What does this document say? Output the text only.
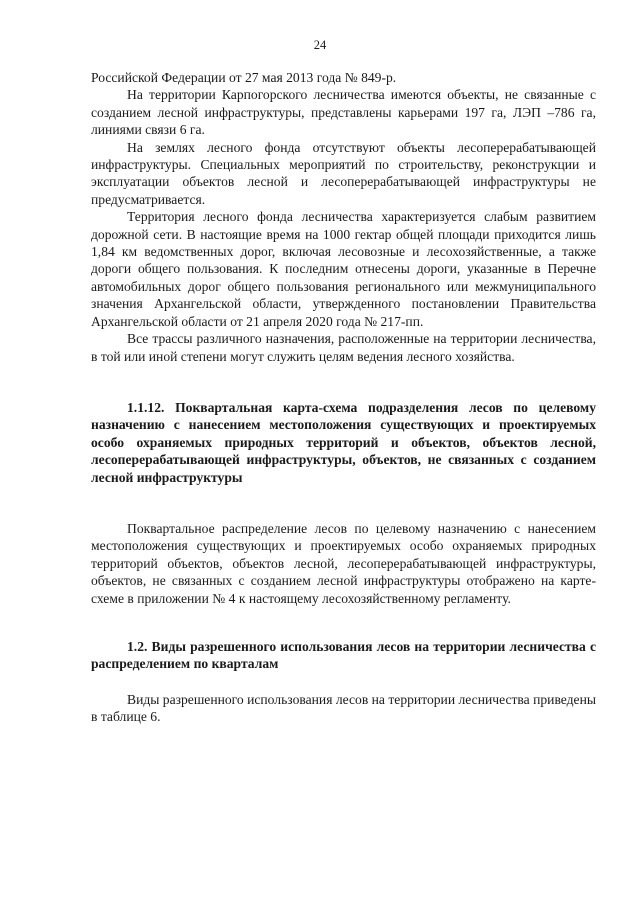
24

Российской Федерации от 27 мая 2013 года № 849-р.

На территории Карпогорского лесничества имеются объекты, не связанные с созданием лесной инфраструктуры, представлены карьерами 197 га, ЛЭП –786 га, линиями связи 6 га.

На землях лесного фонда отсутствуют объекты лесоперерабатывающей инфраструктуры. Специальных мероприятий по строительству, реконструкции и эксплуатации объектов лесной и лесоперерабатывающей инфраструктуры не предусматривается.

Территория лесного фонда лесничества характеризуется слабым развитием дорожной сети. В настоящие время на 1000 гектар общей площади приходится лишь 1,84 км ведомственных дорог, включая лесовозные и лесохозяйственные, а также дороги общего пользования. К последним отнесены дороги, указанные в Перечне автомобильных дорог общего пользования регионального или межмуниципального значения Архангельской области, утвержденного постановлении Правительства Архангельской области от 21 апреля 2020 года № 217-пп.

Все трассы различного назначения, расположенные на территории лесничества, в той или иной степени могут служить целям ведения лесного хозяйства.

1.1.12. Поквартальная карта-схема подразделения лесов по целевому назначению с нанесением местоположения существующих и проектируемых особо охраняемых природных территорий и объектов, объектов лесной, лесоперерабатывающей инфраструктуры, объектов, не связанных с созданием лесной инфраструктуры

Поквартальное распределение лесов по целевому назначению с нанесением местоположения существующих и проектируемых особо охраняемых природных территорий объектов, объектов лесной, лесоперерабатывающей инфраструктуры, объектов, не связанных с созданием лесной инфраструктуры отображено на карте-схеме в приложении № 4 к настоящему лесохозяйственному регламенту.

1.2. Виды разрешенного использования лесов на территории лесничества с распределением по кварталам

Виды разрешенного использования лесов на территории лесничества приведены в таблице 6.
